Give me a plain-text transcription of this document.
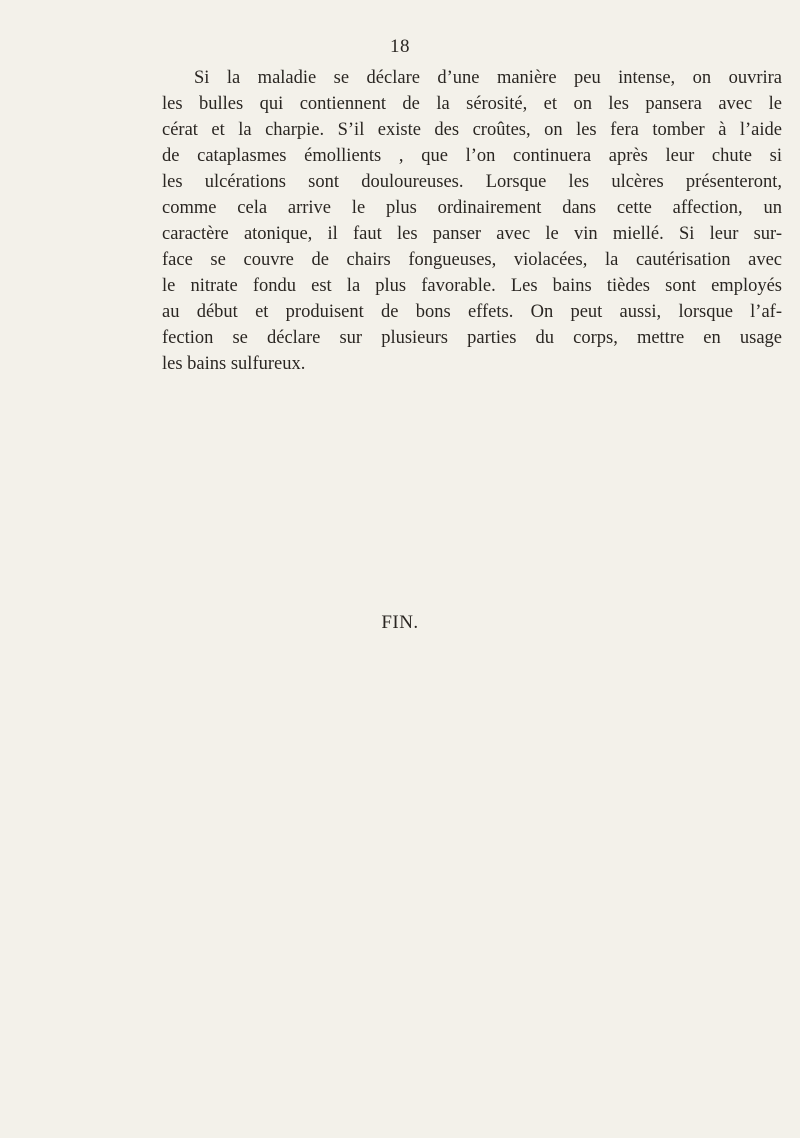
18
Si la maladie se déclare d’une manière peu intense, on ouvrira
les bulles qui contiennent de la sérosité, et on les pansera avec le
cérat et la charpie. S’il existe des croûtes, on les fera tomber à l’aide
de cataplasmes émollients , que l’on continuera après leur chute si
les ulcérations sont douloureuses. Lorsque les ulcères présenteront,
comme cela arrive le plus ordinairement dans cette affection, un
caractère atonique, il faut les panser avec le vin miellé. Si leur sur-
face se couvre de chairs fongueuses, violacées, la cautérisation avec
le nitrate fondu est la plus favorable. Les bains tièdes sont employés
au début et produisent de bons effets. On peut aussi, lorsque l’af-
fection se déclare sur plusieurs parties du corps, mettre en usage
les bains sulfureux.
FIN.
